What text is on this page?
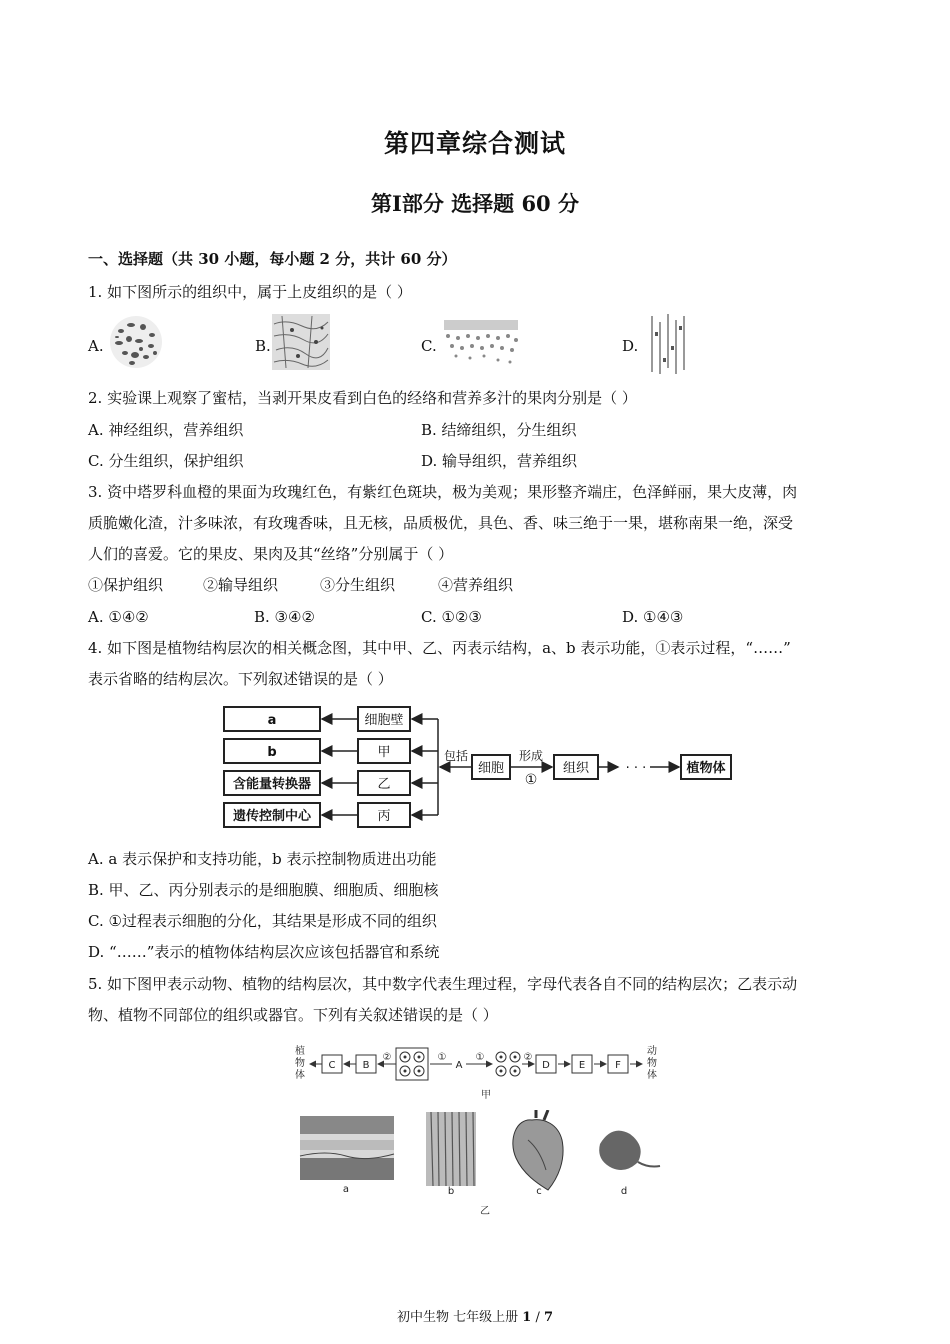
第四章综合测试
第Ⅰ部分 选择题 60 分
一、选择题（共 30 小题，每小题 2 分，共计 60 分）
1. 如下图所示的组织中，属于上皮组织的是（ ）
A.	B.	C.	D.
2. 实验课上观察了蜜桔，当剥开果皮看到白色的经络和营养多汁的果肉分别是（ ）
A. 神经组织，营养组织	B. 结缔组织，分生组织
C. 分生组织，保护组织	D. 输导组织，营养组织
3. 资中塔罗科血橙的果面为玫瑰红色，有紫红色斑块，极为美观；果形整齐端庄，色泽鲜丽，果大皮薄，肉
质脆嫩化渣，汁多味浓，有玫瑰香味，且无核，品质极优，具色、香、味三绝于一果，堪称南果一绝，深受
人们的喜爱。它的果皮、果肉及其“丝络”分别属于（ ）
①保护组织	②输导组织	③分生组织	④营养组织
A. ①④②	B. ③④②	C. ①②③	D. ①④③
4. 如下图是植物结构层次的相关概念图，其中甲、乙、丙表示结构，a、b 表示功能，①表示过程，“……”
表示省略的结构层次。下列叙述错误的是（ ）
a
b
含能量转换器
遗传控制中心
细胞壁
甲
乙
丙
包括
细胞
形成
①
组织	· · ·	植物体
A. a 表示保护和支持功能，b 表示控制物质进出功能
B. 甲、乙、丙分别表示的是细胞膜、细胞质、细胞核
C. ①过程表示细胞的分化，其结果是形成不同的组织
D. “……”表示的植物体结构层次应该包括器官和系统
5. 如下图甲表示动物、植物的结构层次，其中数字代表生理过程，字母代表各自不同的结构层次；乙表示动
物、植物不同部位的组织或器官。下列有关叙述错误的是（ ）
植
物
体
动
物
体
C	B
②	①
A
①	②
D	E	F
甲
a	b	c	d
乙
初中生物 七年级上册 1 / 7
